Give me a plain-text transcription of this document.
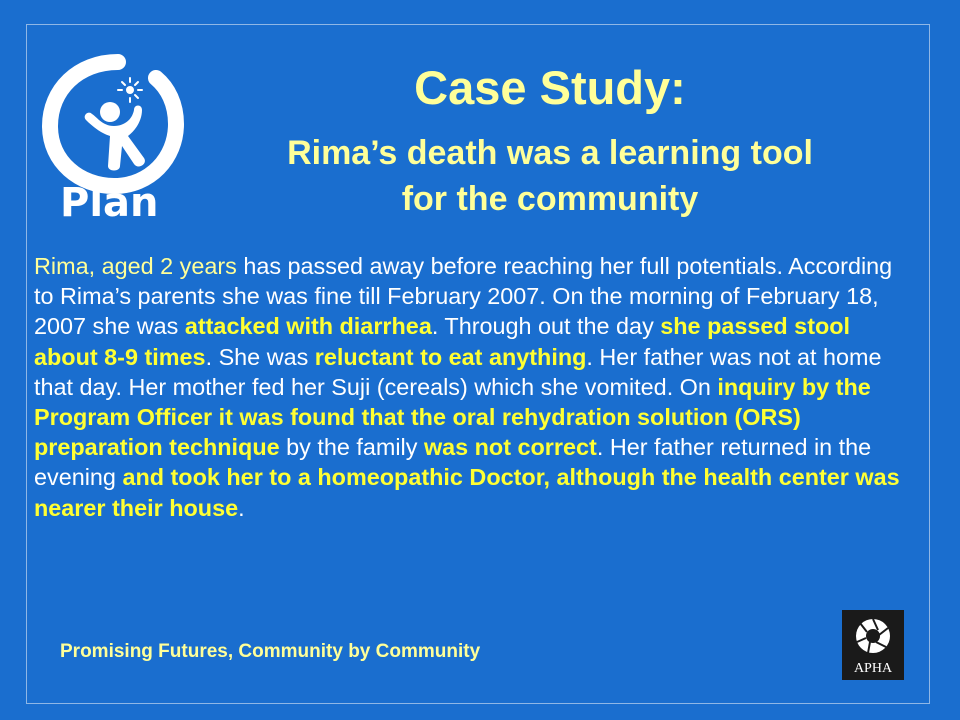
Plan
Case Study:
Rima’s death was a learning tool
for the community

Rima, aged 2 years has passed away before reaching her full potentials. According to Rima’s parents she was fine till February 2007. On the morning of February 18, 2007 she was attacked with diarrhea. Through out the day she passed stool about 8-9 times. She was reluctant to eat anything. Her father was not at home that day. Her mother fed her Suji (cereals) which she vomited. On inquiry by the Program Officer it was found that the oral rehydration solution (ORS) preparation technique by the family was not correct. Her father returned in the evening and took her to a homeopathic Doctor, although the health center was nearer their house.

Promising Futures, Community by Community

APHA
